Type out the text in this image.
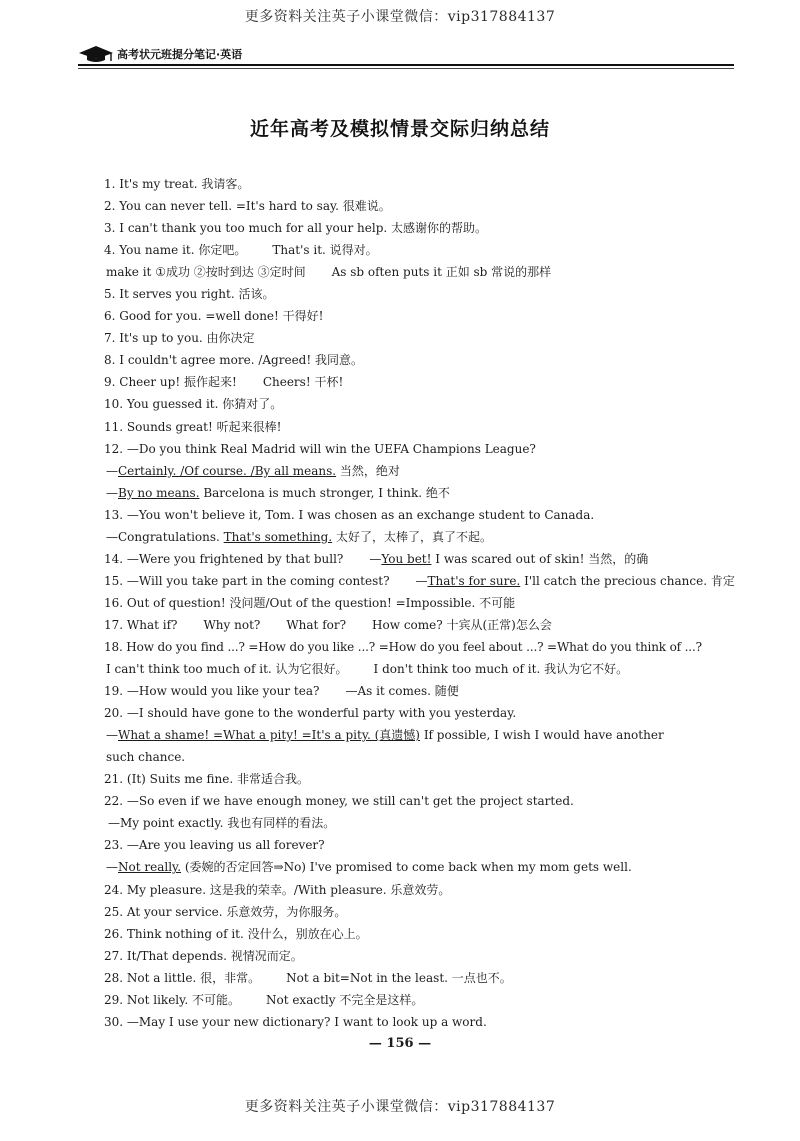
更多资料关注英子小课堂微信：vip317884137
高考状元班提分笔记·英语
近年高考及模拟情景交际归纳总结
1. It's my treat. 我请客。
2. You can never tell. =It's hard to say. 很难说。
3. I can't thank you too much for all your help. 太感谢你的帮助。
4. You name it. 你定吧。 That's it. 说得对。
make it ①成功 ②按时到达 ③定时间 As sb often puts it 正如 sb 常说的那样
5. It serves you right. 活该。
6. Good for you. =well done! 干得好!
7. It's up to you. 由你决定
8. I couldn't agree more. /Agreed! 我同意。
9. Cheer up! 振作起来! Cheers! 干杯!
10. You guessed it. 你猜对了。
11. Sounds great! 听起来很棒!
12. —Do you think Real Madrid will win the UEFA Champions League?
—Certainly. /Of course. /By all means. 当然，绝对
—By no means. Barcelona is much stronger, I think. 绝不
13. —You won't believe it, Tom. I was chosen as an exchange student to Canada.
—Congratulations. That's something. 太好了，太棒了，真了不起。
14. —Were you frightened by that bull? —You bet! I was scared out of skin! 当然，的确
15. —Will you take part in the coming contest? —That's for sure. I'll catch the precious chance. 肯定
16. Out of question! 没问题/Out of the question! =Impossible. 不可能
17. What if? Why not? What for? How come? 十宾从(正常)怎么会
18. How do you find ...? =How do you like ...? =How do you feel about ...? =What do you think of ...?
I can't think too much of it. 认为它很好。 I don't think too much of it. 我认为它不好。
19. —How would you like your tea? —As it comes. 随便
20. —I should have gone to the wonderful party with you yesterday.
—What a shame! =What a pity! =It's a pity. (真遗憾) If possible, I wish I would have another
such chance.
21. (It) Suits me fine. 非常适合我。
22. —So even if we have enough money, we still can't get the project started.
—My point exactly. 我也有同样的看法。
23. —Are you leaving us all forever?
—Not really. (委婉的否定回答⇒No) I've promised to come back when my mom gets well.
24. My pleasure. 这是我的荣幸。/With pleasure. 乐意效劳。
25. At your service. 乐意效劳，为你服务。
26. Think nothing of it. 没什么，别放在心上。
27. It/That depends. 视情况而定。
28. Not a little. 很，非常。 Not a bit=Not in the least. 一点也不。
29. Not likely. 不可能。 Not exactly 不完全是这样。
30. —May I use your new dictionary? I want to look up a word.
— 156 —
更多资料关注英子小课堂微信：vip317884137
